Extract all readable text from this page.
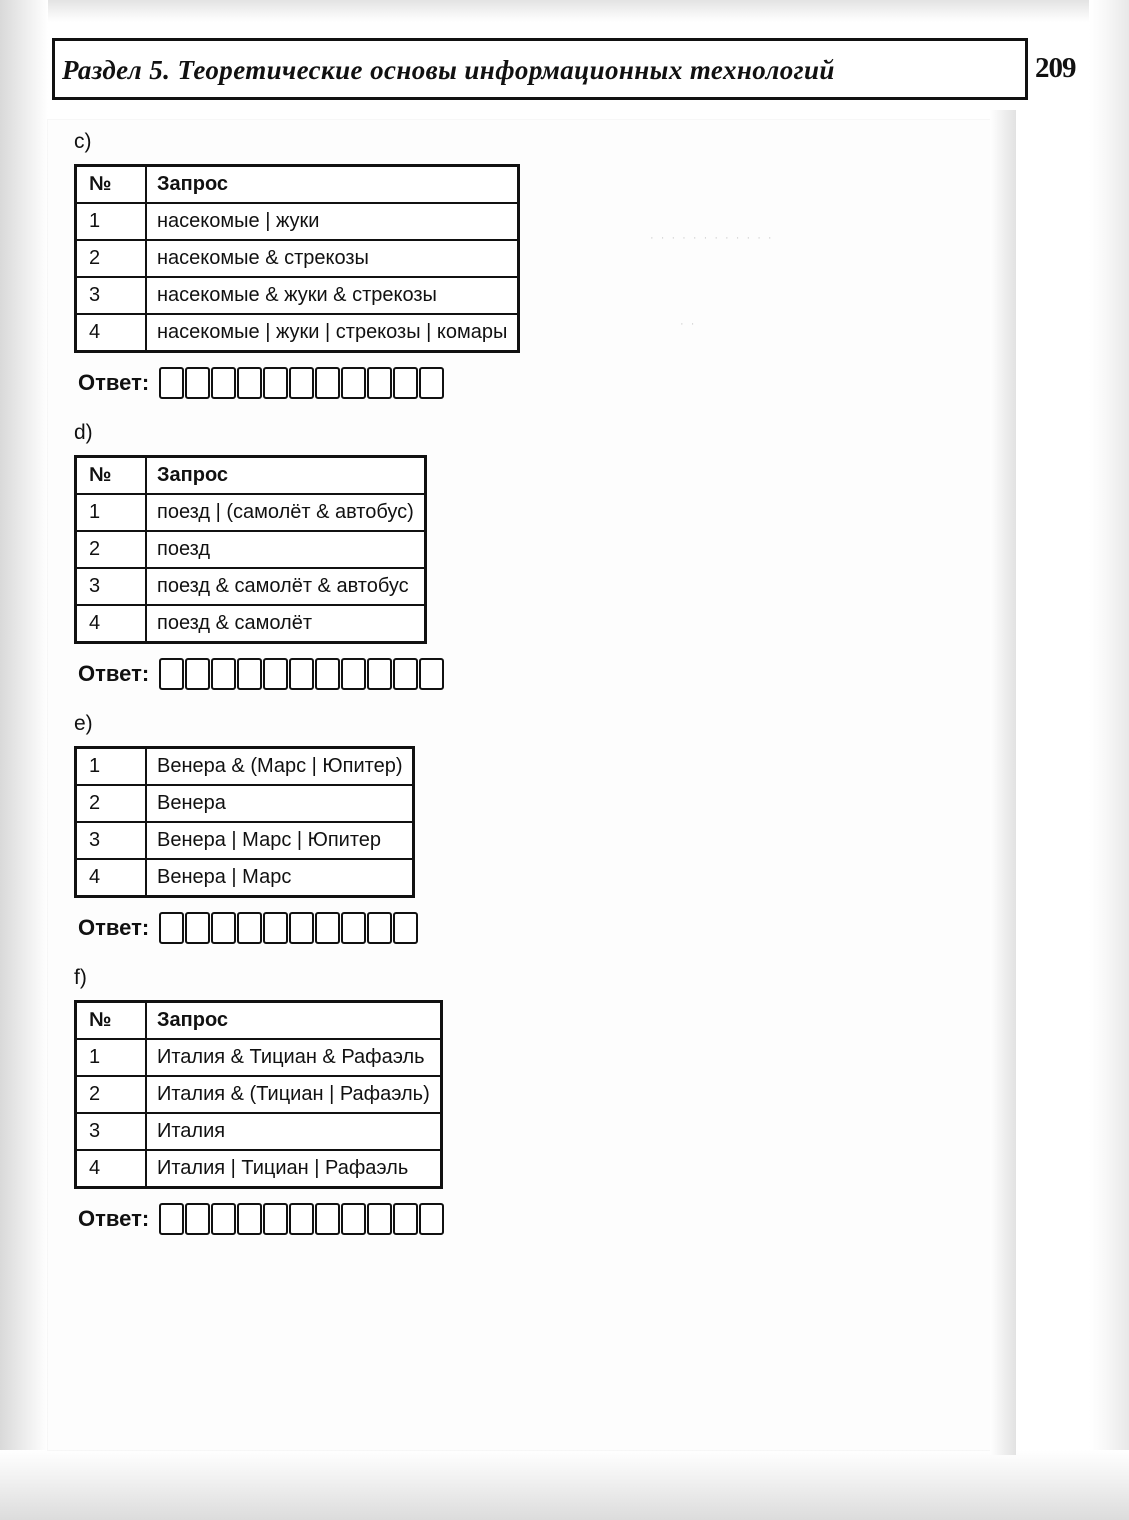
Раздел 5. Теоретические основы информационных технологий	209
· · · · · · · · · · · ·
· ·
c)
№	Запрос
1	насекомые | жуки
2	насекомые & стрекозы
3	насекомые & жуки & стрекозы
4	насекомые | жуки | стрекозы | комары
Ответ:
d)
№	Запрос
1	поезд | (самолёт & автобус)
2	поезд
3	поезд & самолёт & автобус
4	поезд & самолёт
Ответ:
e)
1	Венера & (Марс | Юпитер)
2	Венера
3	Венера | Марс | Юпитер
4	Венера | Марс
Ответ:
f)
№	Запрос
1	Италия & Тициан & Рафаэль
2	Италия & (Тициан | Рафаэль)
3	Италия
4	Италия | Тициан | Рафаэль
Ответ:
